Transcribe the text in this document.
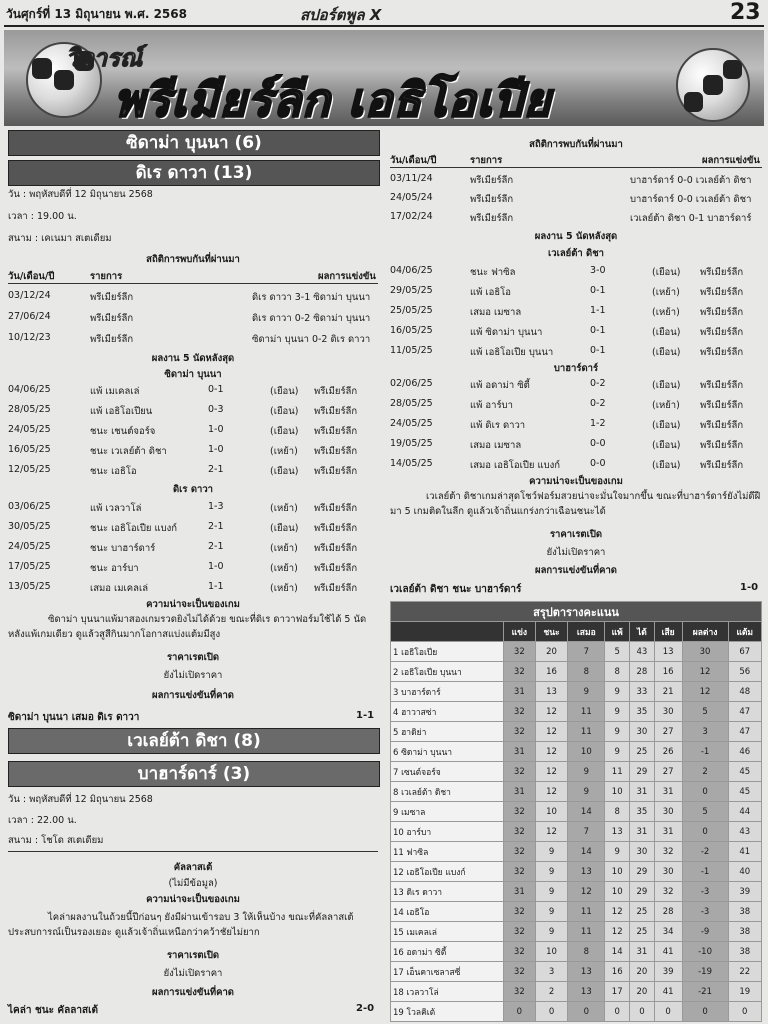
วันศุกร์ที่ 13 มิถุนายน พ.ศ. 2568	สปอร์ตพูล X	23
วิจารณ์
พรีเมียร์ลีก เอธิโอเปีย
ซิดาม่า บุนนา (6)
ดิเร ดาวา (13)
วัน : พฤหัสบดีที่ 12 มิถุนายน 2568
เวลา : 19.00 น.
สนาม : เคเนมา สเตเดียม
สถิติการพบกันที่ผ่านมา
วัน/เดือน/ปี	รายการ	ผลการแข่งขัน
03/12/24	พรีเมียร์ลีก	ดิเร ดาวา 3-1 ซิดาม่า บุนนา
27/06/24	พรีเมียร์ลีก	ดิเร ดาวา 0-2 ซิดาม่า บุนนา
10/12/23	พรีเมียร์ลีก	ซิดาม่า บุนนา 0-2 ดิเร ดาวา
ผลงาน 5 นัดหลังสุด
ซิดาม่า บุนนา
04/06/25	แพ้ เมเคลเล่	0-1	(เยือน) พรีเมียร์ลีก
28/05/25	แพ้ เอธิโอเปียน	0-3	(เยือน) พรีเมียร์ลีก
24/05/25	ชนะ เชนต์จอร์จ	1-0	(เยือน) พรีเมียร์ลีก
16/05/25	ชนะ เวเลย์ต้า ดิชา	1-0	(เหย้า) พรีเมียร์ลีก
12/05/25	ชนะ เอธิโอ	2-1	(เยือน) พรีเมียร์ลีก
ดิเร ดาวา
03/06/25	แพ้ เวลวาโล่	1-3	(เหย้า) พรีเมียร์ลีก
30/05/25	ชนะ เอธิโอเปีย แบงก์	2-1	(เยือน) พรีเมียร์ลีก
24/05/25	ชนะ บาฮาร์ดาร์	2-1	(เหย้า) พรีเมียร์ลีก
17/05/25	ชนะ อาร์บา	1-0	(เหย้า) พรีเมียร์ลีก
13/05/25	เสมอ เมเคลเล่	1-1	(เหย้า) พรีเมียร์ลีก
ความน่าจะเป็นของเกม
ซิดาม่า บุนนาแพ้มาสองเกมรวดยิงไม่ได้ด้วย ขณะที่ดิเร ดาวาฟอร์มใช้ได้ 5 นัดหลังแพ้เกมเดียว ดูแล้วสูสีกินมากโอกาสแบ่งแต้มมีสูง
ราคาเรตเปิด
ยังไม่เปิดราคา
ผลการแข่งขันที่คาด
ซิดาม่า บุนนา เสมอ ดิเร ดาวา	1-1
เวเลย์ต้า ดิชา (8)
บาฮาร์ดาร์ (3)
วัน : พฤหัสบดีที่ 12 มิถุนายน 2568
เวลา : 22.00 น.
สนาม : โชโด สเตเดียม
คัลลาสเต้
(ไม่มีข้อมูล)
ความน่าจะเป็นของเกม
ไคล่าผลงานในถ้วยนี้ปีก่อนๆ ยังมีผ่านเข้ารอบ 3 ให้เห็นบ้าง ขณะที่คัลลาสเต้ประสบการณ์เป็นรองเยอะ ดูแล้วเจ้าถิ่นเหนือกว่าคว้าชัยไม่ยาก
ราคาเรตเปิด
ยังไม่เปิดราคา
ผลการแข่งขันที่คาด
ไคล่า ชนะ คัลลาสเต้	2-0
สถิติการพบกันที่ผ่านมา
วัน/เดือน/ปี	รายการ	ผลการแข่งขัน
03/11/24	พรีเมียร์ลีก	บาฮาร์ดาร์ 0-0 เวเลย์ต้า ดิชา
24/05/24	พรีเมียร์ลีก	บาฮาร์ดาร์ 0-0 เวเลย์ต้า ดิชา
17/02/24	พรีเมียร์ลีก	เวเลย์ต้า ดิชา 0-1 บาฮาร์ดาร์
ผลงาน 5 นัดหลังสุด
เวเลย์ต้า ดิชา
04/06/25	ชนะ ฟาซิล	3-0	(เยือน) พรีเมียร์ลีก
29/05/25	แพ้ เอธิโอ	0-1	(เหย้า) พรีเมียร์ลีก
25/05/25	เสมอ เมซาล	1-1	(เหย้า) พรีเมียร์ลีก
16/05/25	แพ้ ซิดาม่า บุนนา	0-1	(เยือน) พรีเมียร์ลีก
11/05/25	แพ้ เอธิโอเปีย บุนนา	0-1	(เยือน) พรีเมียร์ลีก
บาฮาร์ดาร์
02/06/25	แพ้ อดาม่า ซิตี้	0-2	(เยือน) พรีเมียร์ลีก
28/05/25	แพ้ อาร์บา	0-2	(เหย้า) พรีเมียร์ลีก
24/05/25	แพ้ ดิเร ดาวา	1-2	(เยือน) พรีเมียร์ลีก
19/05/25	เสมอ เมซาล	0-0	(เยือน) พรีเมียร์ลีก
14/05/25	เสมอ เอธิโอเปีย แบงก์	0-0	(เยือน) พรีเมียร์ลีก
ความน่าจะเป็นของเกม
เวเลย์ต้า ดิชาเกมล่าสุดโชว์ฟอร์มสวยน่าจะมั่นใจมากขึ้น ขณะที่บาฮาร์ดาร์ยังไม่ดีฝีมา 5 เกมติดในลีก ดูแล้วเจ้าถิ่นแกร่งกว่าเฉือนชนะได้
ราคาเรตเปิด
ยังไม่เปิดราคา
ผลการแข่งขันที่คาด
เวเลย์ต้า ดิชา ชนะ บาฮาร์ดาร์	1-0
สรุปตารางคะแนน								
	แข่ง	ชนะ	เสมอ	แพ้	ได้	เสีย	ผลต่าง	แต้ม
1 เอธิโอเปีย	32	20	7	5	43	13	30	67
2 เอธิโอเปีย บุนนา	32	16	8	8	28	16	12	56
3 บาฮาร์ดาร์	31	13	9	9	33	21	12	48
4 ฮาวาสซ่า	32	12	11	9	35	30	5	47
5 ฮาดิย่า	32	12	11	9	30	27	3	47
6 ซิดาม่า บุนนา	31	12	10	9	25	26	-1	46
7 เซนต์จอร์จ	32	12	9	11	29	27	2	45
8 เวเลย์ต้า ดิชา	31	12	9	10	31	31	0	45
9 เมซาล	32	10	14	8	35	30	5	44
10 อาร์บา	32	12	7	13	31	31	0	43
11 ฟาซิล	32	9	14	9	30	32	-2	41
12 เอธิโอเปีย แบงก์	32	9	13	10	29	30	-1	40
13 ดิเร ดาวา	31	9	12	10	29	32	-3	39
14 เอธิโอ	32	9	11	12	25	28	-3	38
15 เมเคลเล่	32	9	11	12	25	34	-9	38
16 อดาม่า ซิตี้	32	10	8	14	31	41	-10	38
17 เอ็นคาเซลาสซี่	32	3	13	16	20	39	-19	22
18 เวลวาโล่	32	2	13	17	20	41	-21	19
19 โวลคิเต้	0	0	0	0	0	0	0	0
